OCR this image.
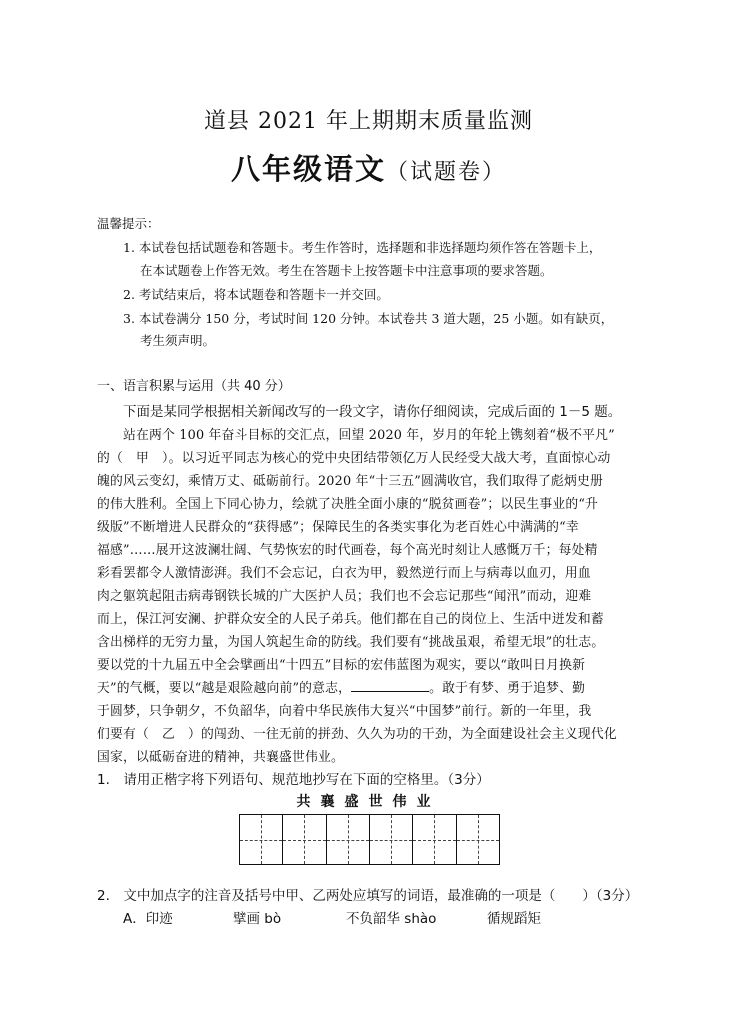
道县 2021 年上期期末质量监测
八年级语文（试题卷）
温馨提示：
1. 本试卷包括试题卷和答题卡。考生作答时，选择题和非选择题均须作答在答题卡上，
在本试题卷上作答无效。考生在答题卡上按答题卡中注意事项的要求答题。
2. 考试结束后，将本试题卷和答题卡一并交回。
3. 本试卷满分 150 分，考试时间 120 分钟。本试卷共 3 道大题，25 小题。如有缺页，
考生须声明。
一、语言积累与运用（共 40 分）
下面是某同学根据相关新闻改写的一段文字，请你仔细阅读，完成后面的 1－5 题。
站在两个 100 年奋斗目标的交汇点，回望 2020 年，岁月的年轮上镌刻着“极不平凡”
的（　甲　）。以习近平同志为核心的党中央团结带领亿万人民经受大战大考，直面惊心动
魄的风云变幻，乘情万丈、砥砺前行。2020 年“十三五”圆满收官，我们取得了彪炳史册
的伟大胜利。全国上下同心协力，绘就了决胜全面小康的“脱贫画卷”；以民生事业的“升
级版”不断增进人民群众的“获得感”；保障民生的各类实事化为老百姓心中满满的“幸
福感”……展开这波澜壮阔、气势恢宏的时代画卷，每个高光时刻让人感慨万千；每处精
彩看罢都令人激情澎湃。我们不会忘记，白衣为甲，毅然逆行而上与病毒以血刃，用血
肉之躯筑起阻击病毒钢铁长城的广大医护人员；我们也不会忘记那些“闻汛”而动，迎难
而上，保江河安澜、护群众安全的人民子弟兵。他们都在自己的岗位上、生活中迸发和蓄
含出梯样的无穷力量，为国人筑起生命的防线。我们要有“挑战虽艰，希望无垠”的壮志。
要以党的十九届五中全会擘画出“十四五”目标的宏伟蓝图为观实，要以“敢叫日月换新
天”的气概，要以“越是艰险越向前”的意志，	。敢于有梦、勇于追梦、勤
于圆梦，只争朝夕，不负韶华，向着中华民族伟大复兴“中国梦”前行。新的一年里，我
们要有（　乙　）的闯劲、一往无前的拼劲、久久为功的干劲，为全面建设社会主义现代化
国家，以砥砺奋进的精神，共襄盛世伟业。
1.　请用正楷字将下列语句、规范地抄写在下面的空格里。（3分）
共襄盛世伟业
2.　文中加点字的注音及括号中甲、乙两处应填写的词语，最准确的一项是（　　）（3分）
A．印迹	擘画 bò	不负韶华 shào	循规蹈矩
